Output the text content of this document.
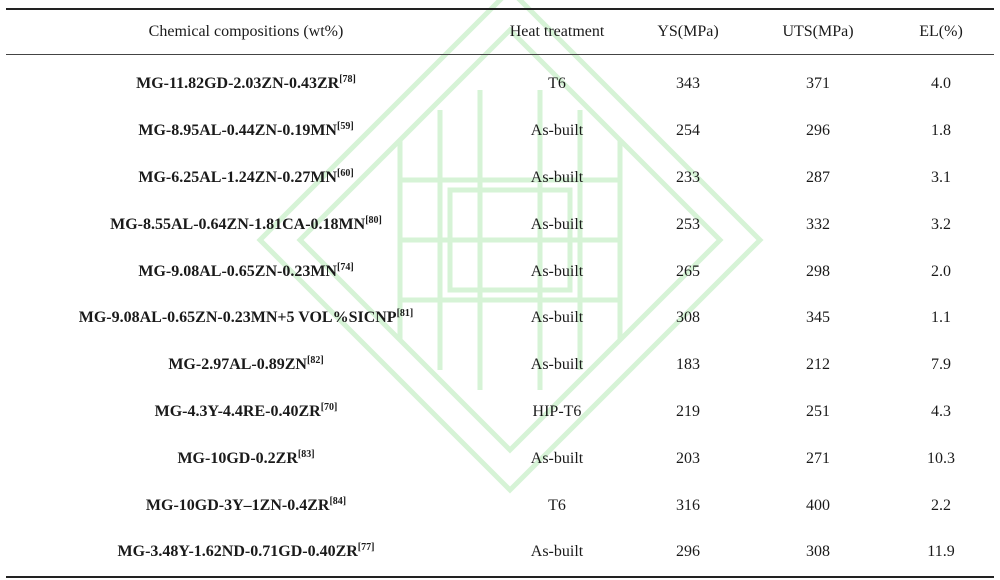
Chemical compositions (wt%)	Heat treatment	YS(MPa)	UTS(MPa)	EL(%)
MG-11.82GD-2.03ZN-0.43ZR[78]	T6	343	371	4.0
MG-8.95AL-0.44ZN-0.19MN[59]	As-built	254	296	1.8
MG-6.25AL-1.24ZN-0.27MN[60]	As-built	233	287	3.1
MG-8.55AL-0.64ZN-1.81CA-0.18MN[80]	As-built	253	332	3.2
MG-9.08AL-0.65ZN-0.23MN[74]	As-built	265	298	2.0
MG-9.08AL-0.65ZN-0.23MN+5 VOL%SICNP[81]	As-built	308	345	1.1
MG-2.97AL-0.89ZN[82]	As-built	183	212	7.9
MG-4.3Y-4.4RE-0.40ZR[70]	HIP-T6	219	251	4.3
MG-10GD-0.2ZR[83]	As-built	203	271	10.3
MG-10GD-3Y–1ZN-0.4ZR[84]	T6	316	400	2.2
MG-3.48Y-1.62ND-0.71GD-0.40ZR[77]	As-built	296	308	11.9
